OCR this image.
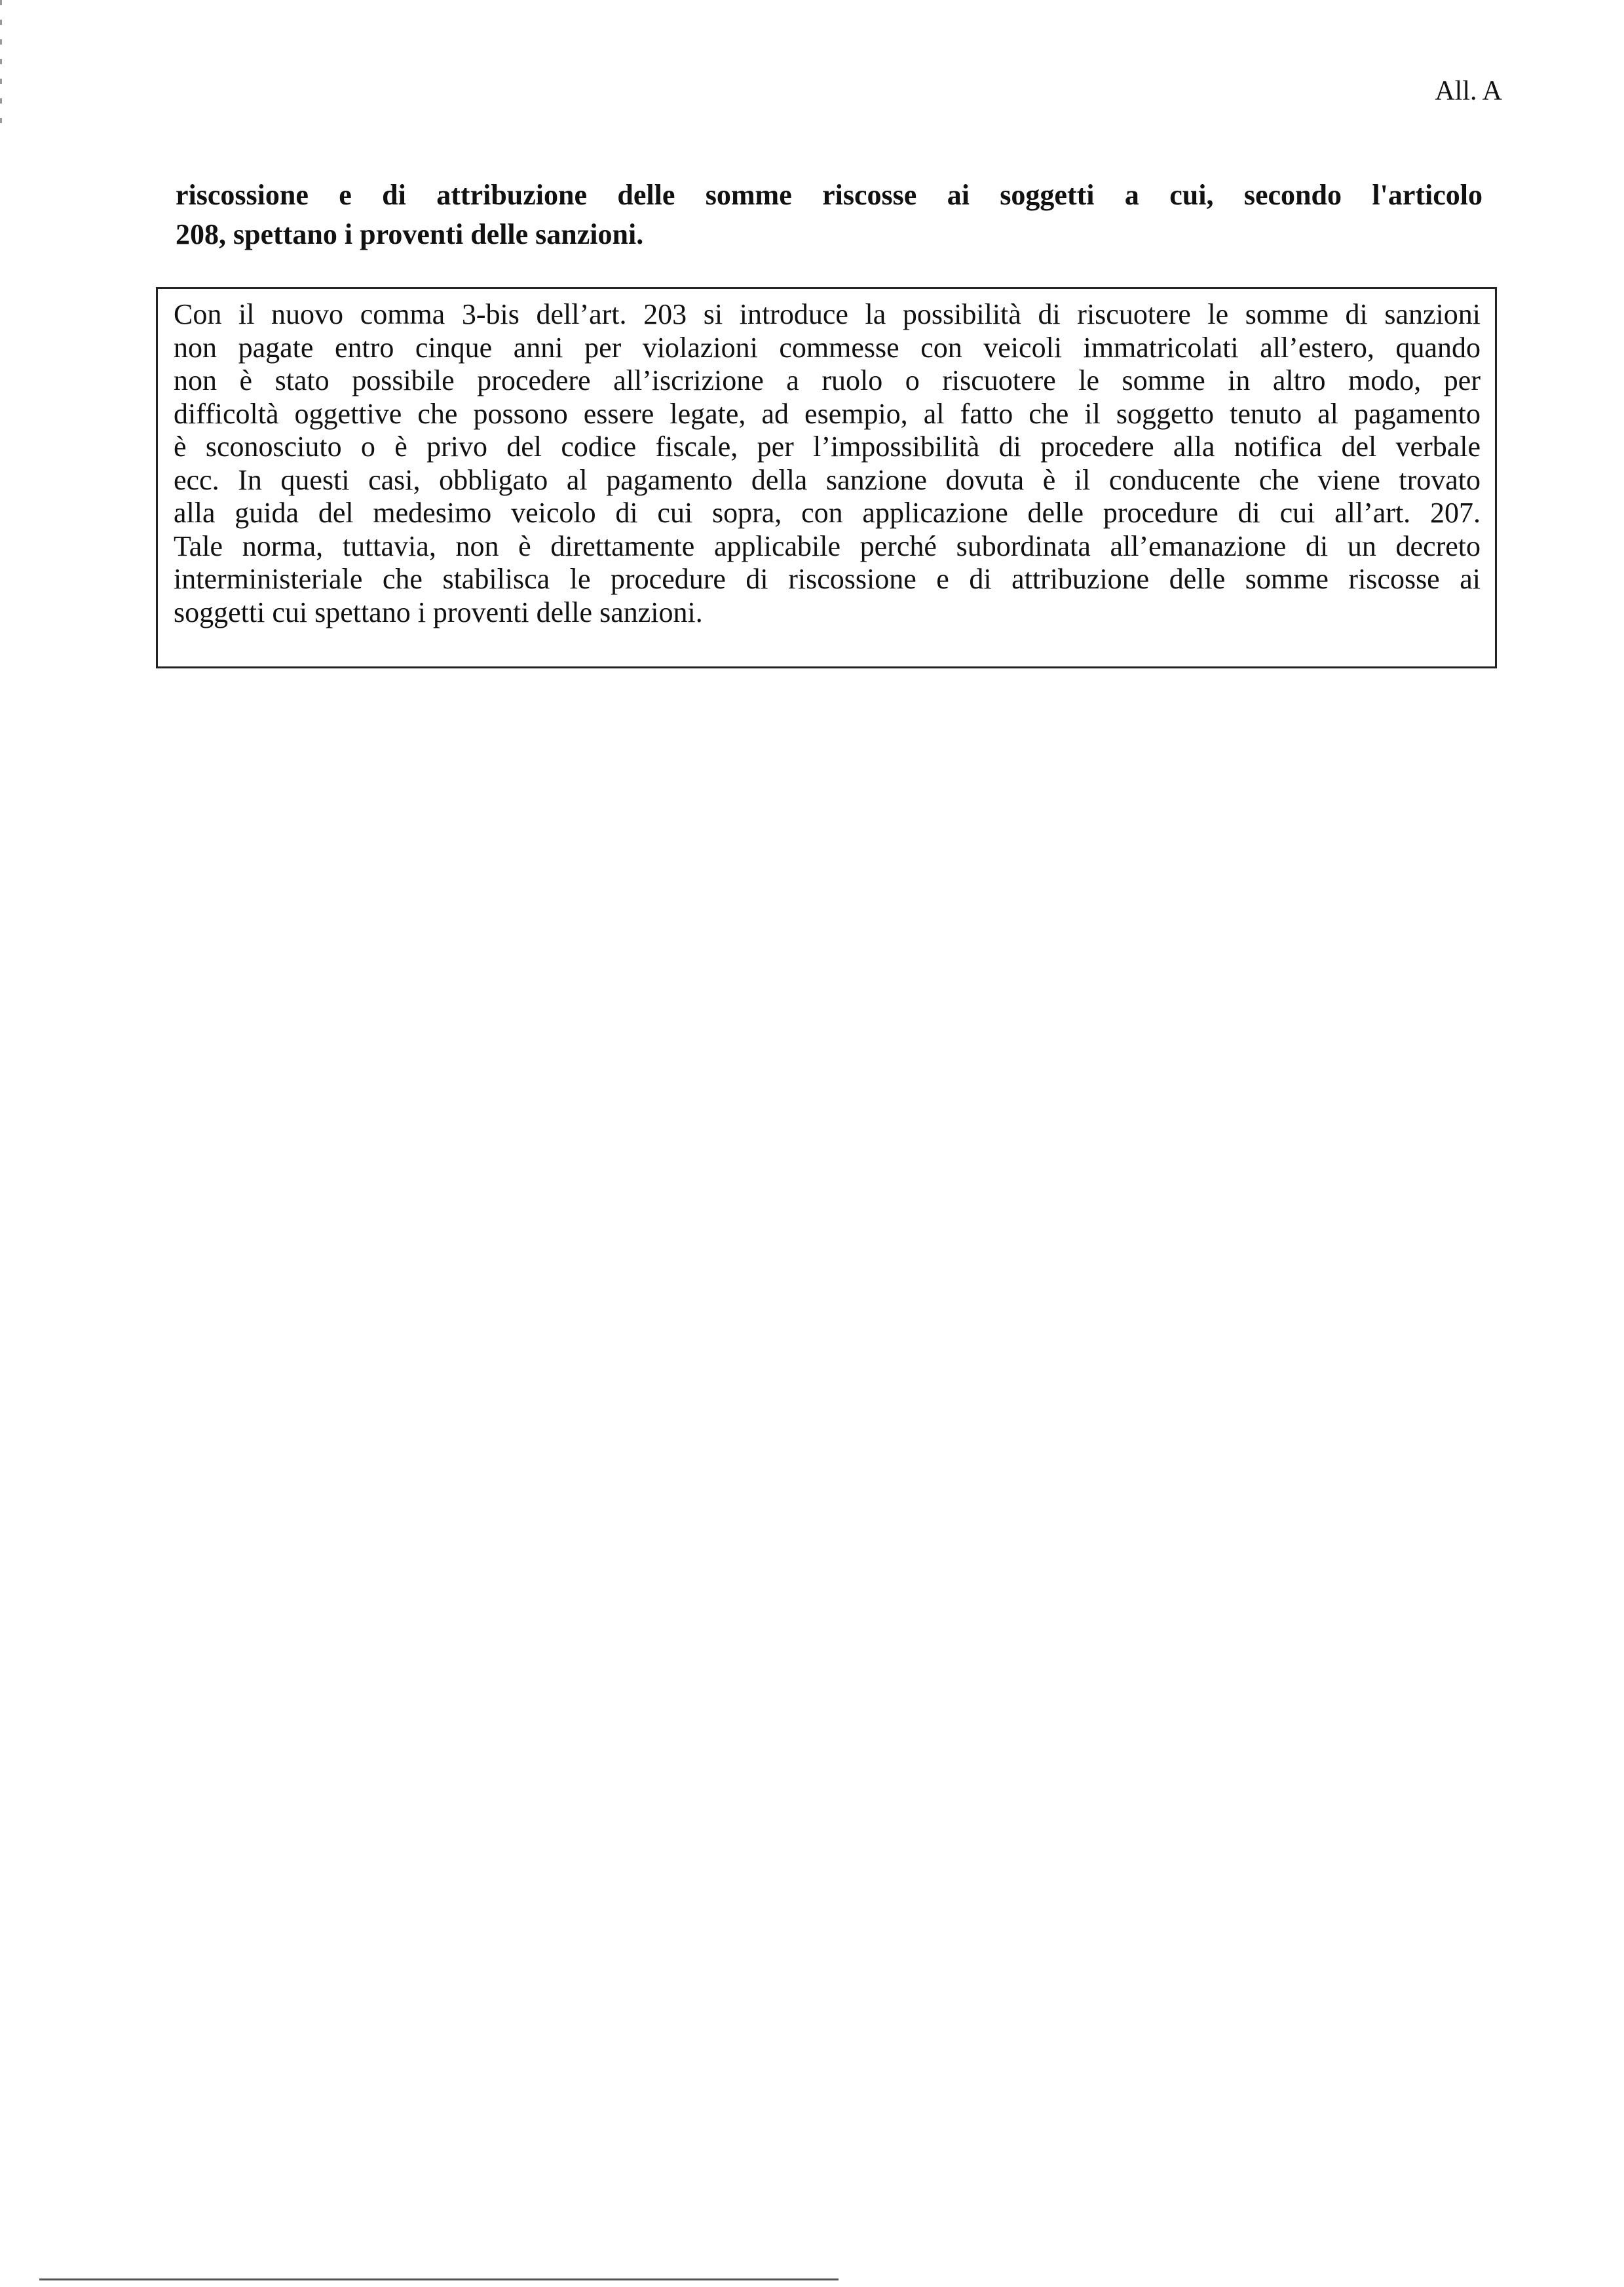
All. A
riscossione e di attribuzione delle somme riscosse ai soggetti a cui, secondo l'articolo
208, spettano i proventi delle sanzioni.
Con il nuovo comma 3-bis dell’art. 203 si introduce la possibilità di riscuotere le somme di sanzioni
non pagate entro cinque anni per violazioni commesse con veicoli immatricolati all’estero, quando
non è stato possibile procedere all’iscrizione a ruolo o riscuotere le somme in altro modo, per
difficoltà oggettive che possono essere legate, ad esempio, al fatto che il soggetto tenuto al pagamento
è sconosciuto o è privo del codice fiscale, per l’impossibilità di procedere alla notifica del verbale
ecc. In questi casi, obbligato al pagamento della sanzione dovuta è il conducente che viene trovato
alla guida del medesimo veicolo di cui sopra, con applicazione delle procedure di cui all’art. 207.
Tale norma, tuttavia, non è direttamente applicabile perché subordinata all’emanazione di un decreto
interministeriale che stabilisca le procedure di riscossione e di attribuzione delle somme riscosse ai
soggetti cui spettano i proventi delle sanzioni.
